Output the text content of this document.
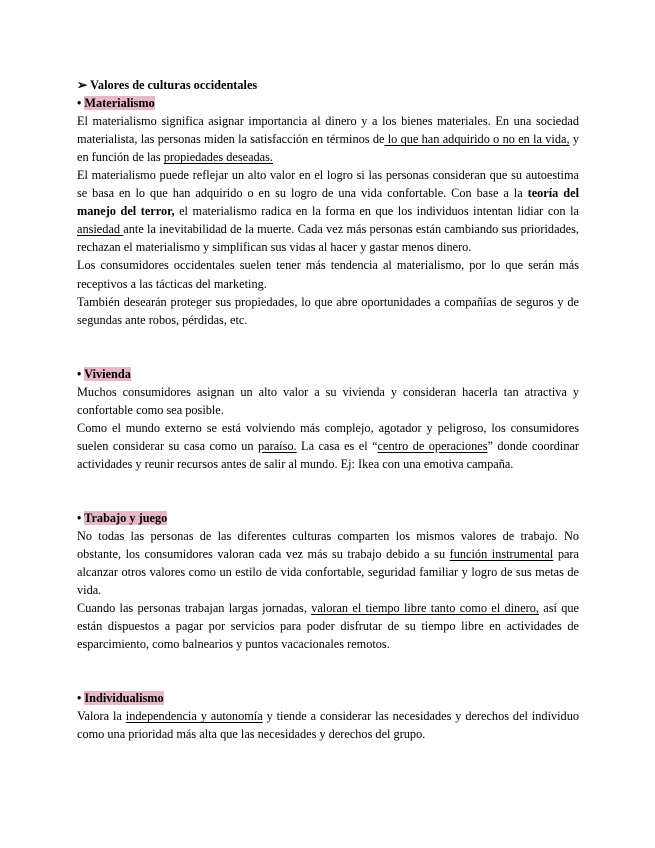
➢ Valores de culturas occidentales

• Materialismo

El materialismo significa asignar importancia al dinero y a los bienes materiales. En una sociedad materialista, las personas miden la satisfacción en términos de lo que han adquirido o no en la vida, y en función de las propiedades deseadas.

El materialismo puede reflejar un alto valor en el logro si las personas consideran que su autoestima se basa en lo que han adquirido o en su logro de una vida confortable. Con base a la teoría del manejo del terror, el materialismo radica en la forma en que los individuos intentan lidiar con la ansiedad ante la inevitabilidad de la muerte. Cada vez más personas están cambiando sus prioridades, rechazan el materialismo y simplifican sus vidas al hacer y gastar menos dinero.

Los consumidores occidentales suelen tener más tendencia al materialismo, por lo que serán más receptivos a las tácticas del marketing.

También desearán proteger sus propiedades, lo que abre oportunidades a compañías de seguros y de segundas ante robos, pérdidas, etc.

• Vivienda

Muchos consumidores asignan un alto valor a su vivienda y consideran hacerla tan atractiva y confortable como sea posible.

Como el mundo externo se está volviendo más complejo, agotador y peligroso, los consumidores suelen considerar su casa como un paraíso. La casa es el “centro de operaciones” donde coordinar actividades y reunir recursos antes de salir al mundo. Ej: Ikea con una emotiva campaña.

• Trabajo y juego

No todas las personas de las diferentes culturas comparten los mismos valores de trabajo. No obstante, los consumidores valoran cada vez más su trabajo debido a su función instrumental para alcanzar otros valores como un estilo de vida confortable, seguridad familiar y logro de sus metas de vida.

Cuando las personas trabajan largas jornadas, valoran el tiempo libre tanto como el dinero, así que están dispuestos a pagar por servicios para poder disfrutar de su tiempo libre en actividades de esparcimiento, como balnearios y puntos vacacionales remotos.

• Individualismo

Valora la independencia y autonomía y tiende a considerar las necesidades y derechos del individuo como una prioridad más alta que las necesidades y derechos del grupo.
